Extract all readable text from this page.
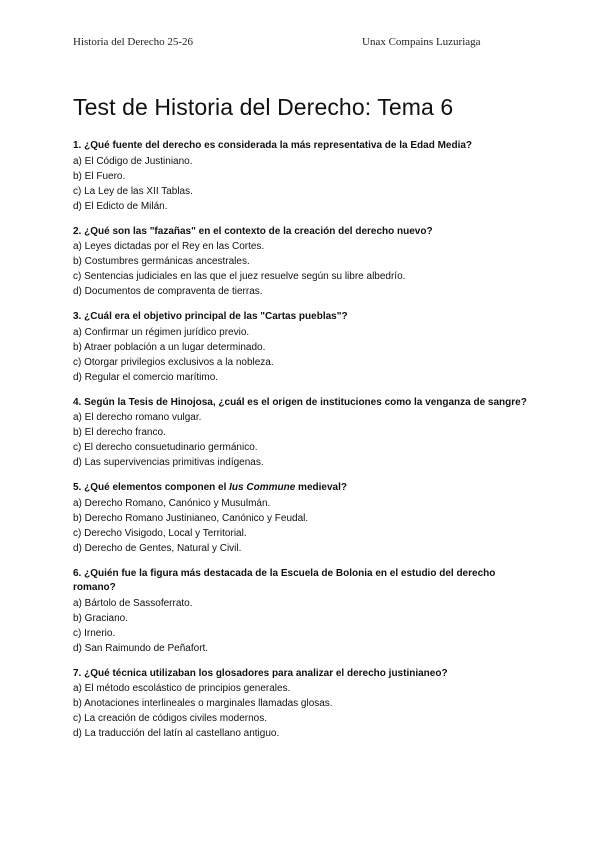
Historia del Derecho 25-26	Unax Compains Luzuriaga
Test de Historia del Derecho: Tema 6

1. ¿Qué fuente del derecho es considerada la más representativa de la Edad Media?

a) El Código de Justiniano.

b) El Fuero.

c) La Ley de las XII Tablas.

d) El Edicto de Milán.

2. ¿Qué son las "fazañas" en el contexto de la creación del derecho nuevo?

a) Leyes dictadas por el Rey en las Cortes.

b) Costumbres germánicas ancestrales.

c) Sentencias judiciales en las que el juez resuelve según su libre albedrío.

d) Documentos de compraventa de tierras.

3. ¿Cuál era el objetivo principal de las "Cartas pueblas"?

a) Confirmar un régimen jurídico previo.

b) Atraer población a un lugar determinado.

c) Otorgar privilegios exclusivos a la nobleza.

d) Regular el comercio marítimo.

4. Según la Tesis de Hinojosa, ¿cuál es el origen de instituciones como la venganza de sangre?

a) El derecho romano vulgar.

b) El derecho franco.

c) El derecho consuetudinario germánico.

d) Las supervivencias primitivas indígenas.

5. ¿Qué elementos componen el Ius Commune medieval?

a) Derecho Romano, Canónico y Musulmán.

b) Derecho Romano Justinianeo, Canónico y Feudal.

c) Derecho Visigodo, Local y Territorial.

d) Derecho de Gentes, Natural y Civil.

6. ¿Quién fue la figura más destacada de la Escuela de Bolonia en el estudio del derecho romano?

a) Bártolo de Sassoferrato.

b) Graciano.

c) Irnerio.

d) San Raimundo de Peñafort.

7. ¿Qué técnica utilizaban los glosadores para analizar el derecho justinianeo?

a) El método escolástico de principios generales.

b) Anotaciones interlineales o marginales llamadas glosas.

c) La creación de códigos civiles modernos.

d) La traducción del latín al castellano antiguo.
